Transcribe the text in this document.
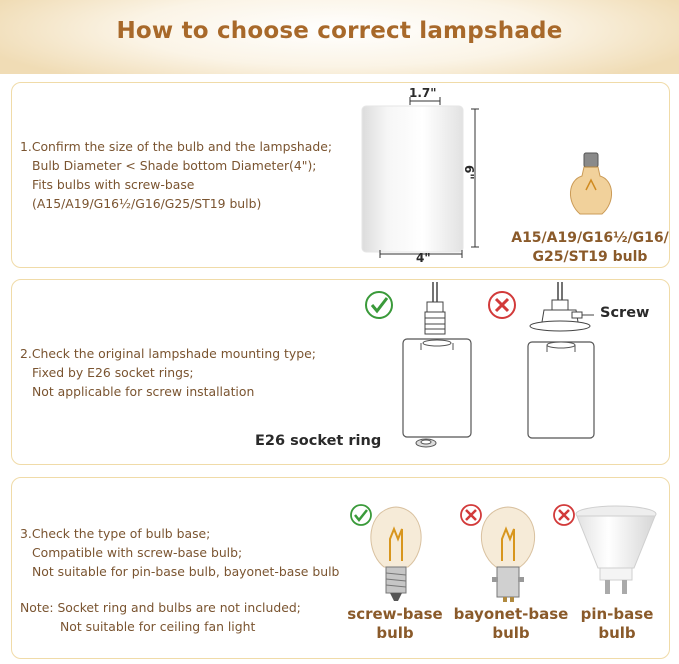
How to choose correct lampshade
1.Confirm the size of the bulb and the lampshade;
Bulb Diameter < Shade bottom Diameter(4");
Fits bulbs with screw-base
(A15/A19/G16½/G16/G25/ST19 bulb)
1.7"
6"
4"
A15/A19/G16½/G16/
G25/ST19 bulb
2.Check the original lampshade mounting type;
Fixed by E26 socket rings;
Not applicable for screw installation
E26 socket ring
Screw
3.Check the type of bulb base;
Compatible with screw-base bulb;
Not suitable for pin-base bulb, bayonet-base bulb
Note: Socket ring and bulbs are not included;
Not suitable for ceiling fan light
screw-base
bulb
bayonet-base
bulb
pin-base
bulb
